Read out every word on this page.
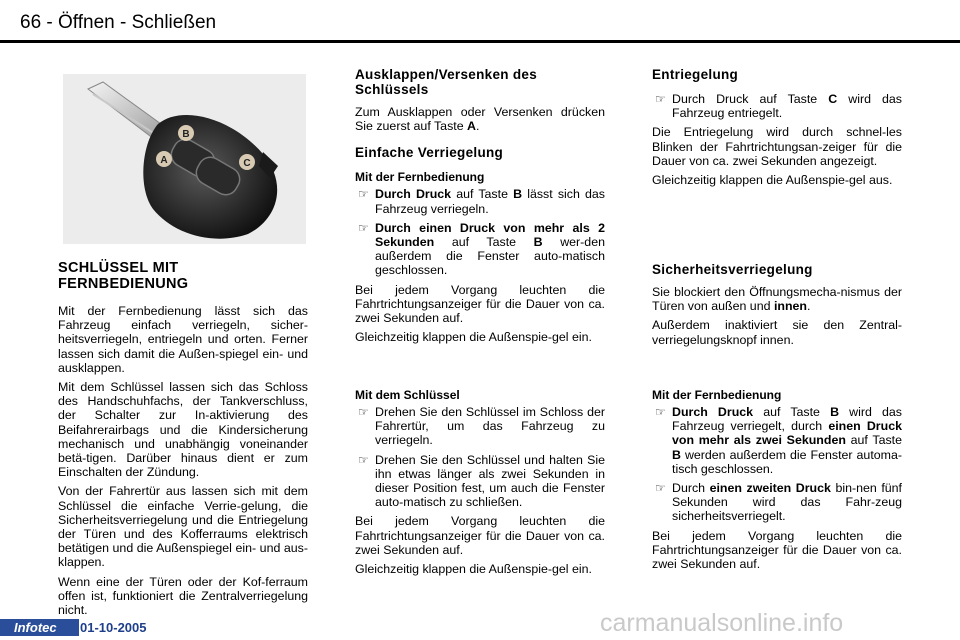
66 - Öffnen - Schließen
A
B
C
SCHLÜSSEL MIT FERNBEDIENUNG

Mit der Fernbedienung lässt sich das Fahrzeug einfach verriegeln, sicher-heitsverriegeln, entriegeln und orten. Ferner lassen sich damit die Außen-spiegel ein- und ausklappen.

Mit dem Schlüssel lassen sich das Schloss des Handschuhfachs, der Tankverschluss, der Schalter zur In-aktivierung des Beifahrerairbags und die Kindersicherung mechanisch und unabhängig voneinander betä-tigen. Darüber hinaus dient er zum Einschalten der Zündung.

Von der Fahrertür aus lassen sich mit dem Schlüssel die einfache Verrie-gelung, die Sicherheitsverriegelung und die Entriegelung der Türen und des Kofferraums elektrisch betätigen und die Außenspiegel ein- und aus-klappen.

Wenn eine der Türen oder der Kof-ferraum offen ist, funktioniert die Zentralverriegelung nicht.

Ausklappen/Versenken des Schlüssels

Zum Ausklappen oder Versenken drücken Sie zuerst auf Taste A.

Einfache Verriegelung
Mit der Fernbedienung
☞ Durch Druck auf Taste B lässt sich das Fahrzeug verriegeln.
☞ Durch einen Druck von mehr als 2 Sekunden auf Taste B wer-den außerdem die Fenster auto-matisch geschlossen.

Bei jedem Vorgang leuchten die Fahrtrichtungsanzeiger für die Dauer von ca. zwei Sekunden auf.

Gleichzeitig klappen die Außenspie-gel ein.

Mit dem Schlüssel
☞ Drehen Sie den Schlüssel im Schloss der Fahrertür, um das Fahrzeug zu verriegeln.
☞ Drehen Sie den Schlüssel und halten Sie ihn etwas länger als zwei Sekunden in dieser Position fest, um auch die Fenster auto-matisch zu schließen.

Bei jedem Vorgang leuchten die Fahrtrichtungsanzeiger für die Dauer von ca. zwei Sekunden auf.

Gleichzeitig klappen die Außenspie-gel ein.

Entriegelung
☞ Durch Druck auf Taste C wird das Fahrzeug entriegelt.

Die Entriegelung wird durch schnel-les Blinken der Fahrtrichtungsan-zeiger für die Dauer von ca. zwei Sekunden angezeigt.

Gleichzeitig klappen die Außenspie-gel aus.

Sicherheitsverriegelung

Sie blockiert den Öffnungsmecha-nismus der Türen von außen und innen.

Außerdem inaktiviert sie den Zentral-verriegelungsknopf innen.

Mit der Fernbedienung
☞ Durch Druck auf Taste B wird das Fahrzeug verriegelt, durch einen Druck von mehr als zwei Sekunden auf Taste B werden außerdem die Fenster automa-tisch geschlossen.
☞ Durch einen zweiten Druck bin-nen fünf Sekunden wird das Fahr-zeug sicherheitsverriegelt.

Bei jedem Vorgang leuchten die Fahrtrichtungsanzeiger für die Dauer von ca. zwei Sekunden auf.

Infotec	01-10-2005	carmanualsonline.info
